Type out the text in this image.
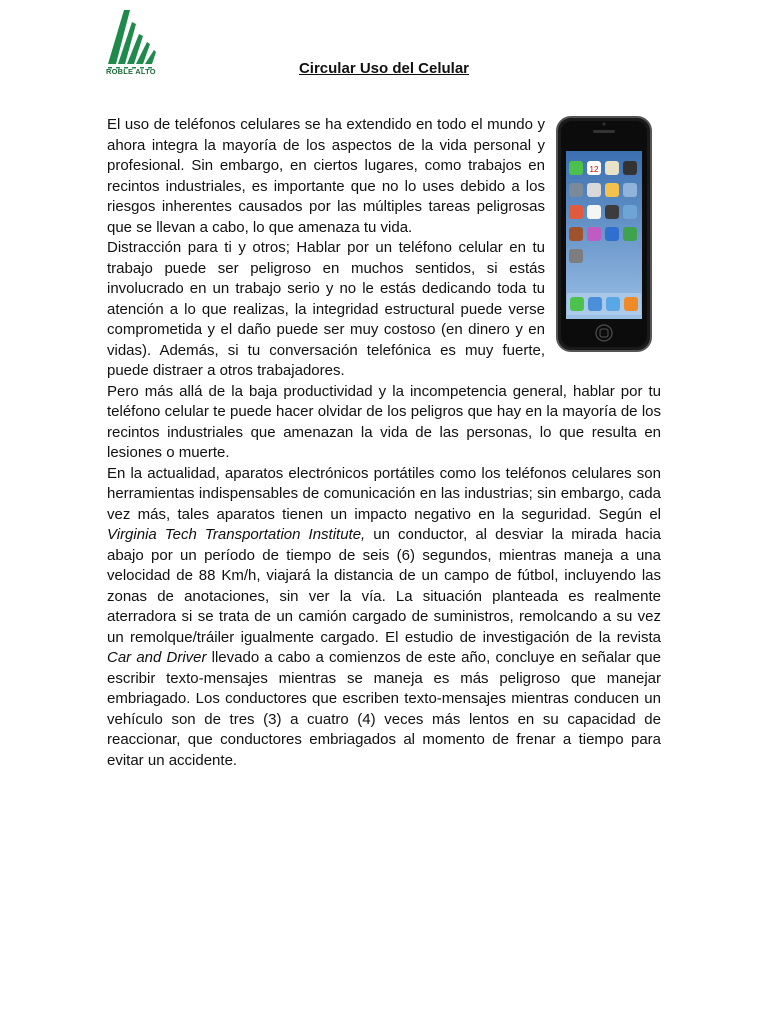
ROBLE ALTO	Circular Uso del Celular
12

El uso de teléfonos celulares se ha extendido en todo el mundo y ahora integra la mayoría de los aspectos de la vida personal y profesional. Sin embargo, en ciertos lugares, como trabajos en recintos industriales, es importante que no lo uses debido a los riesgos inherentes causados por las múltiples tareas peligrosas que se llevan a cabo, lo que amenaza tu vida.

Distracción para ti y otros; Hablar por un teléfono celular en tu trabajo puede ser peligroso en muchos sentidos, si estás involucrado en un trabajo serio y no le estás dedicando toda tu atención a lo que realizas, la integridad estructural puede verse comprometida y el daño puede ser muy costoso (en dinero y en vidas). Además, si tu conversación telefónica es muy fuerte, puede distraer a otros trabajadores.

Pero más allá de la baja productividad y la incompetencia general, hablar por tu teléfono celular te puede hacer olvidar de los peligros que hay en la mayoría de los recintos industriales que amenazan la vida de las personas, lo que resulta en lesiones o muerte.

En la actualidad, aparatos electrónicos portátiles como los teléfonos celulares son herramientas indispensables de comunicación en las industrias; sin embargo, cada vez más, tales aparatos tienen un impacto negativo en la seguridad. Según el Virginia Tech Transportation Institute, un conductor, al desviar la mirada hacia abajo por un período de tiempo de seis (6) segundos, mientras maneja a una velocidad de 88 Km/h, viajará la distancia de un campo de fútbol, incluyendo las zonas de anotaciones, sin ver la vía. La situación planteada es realmente aterradora si se trata de un camión cargado de suministros, remolcando a su vez un remolque/tráiler igualmente cargado. El estudio de investigación de la revista Car and Driver llevado a cabo a comienzos de este año, concluye en señalar que escribir texto-mensajes mientras se maneja es más peligroso que manejar embriagado. Los conductores que escriben texto-mensajes mientras conducen un vehículo son de tres (3) a cuatro (4) veces más lentos en su capacidad de reaccionar, que conductores embriagados al momento de frenar a tiempo para evitar un accidente.
